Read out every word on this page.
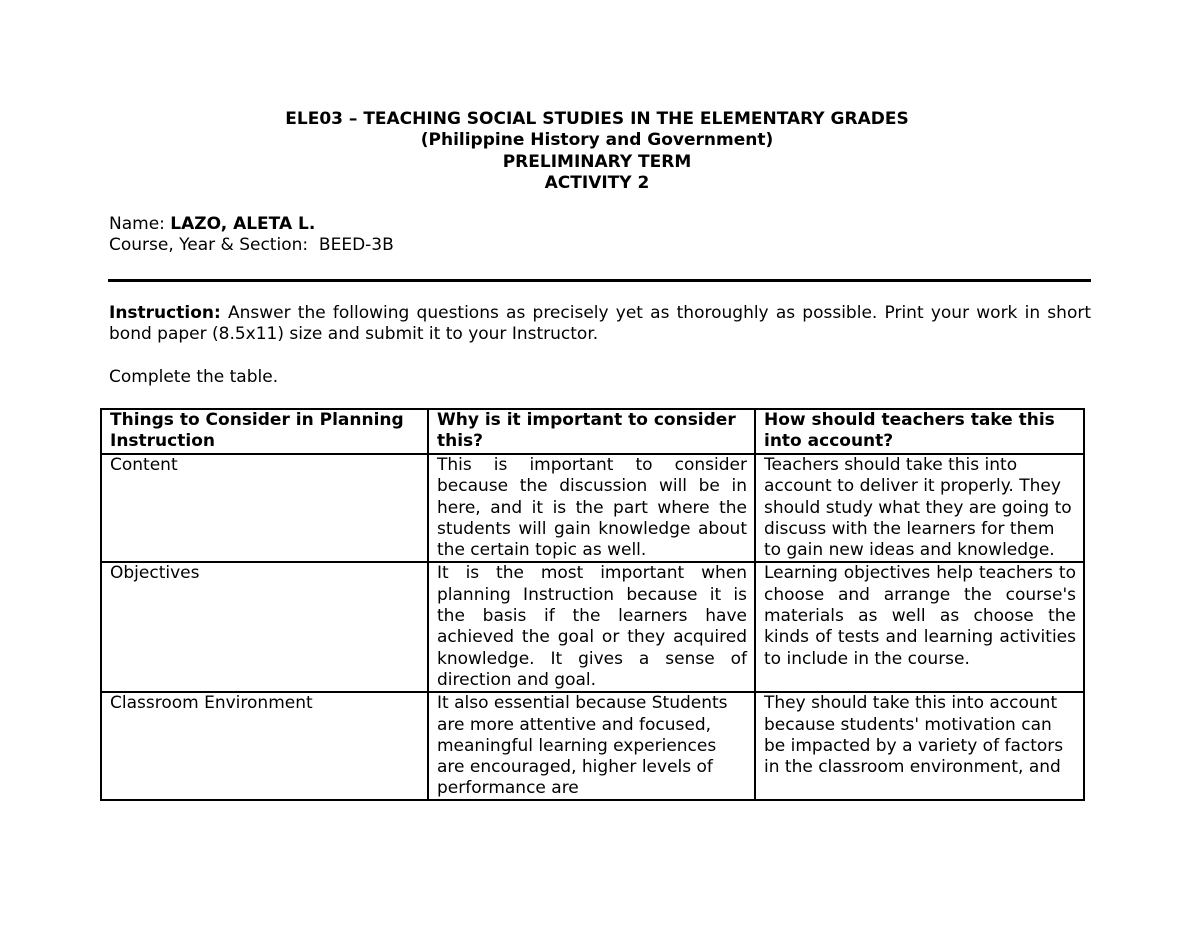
ELE03 – TEACHING SOCIAL STUDIES IN THE ELEMENTARY GRADES
(Philippine History and Government)
PRELIMINARY TERM
ACTIVITY 2
Name: LAZO, ALETA L.
Course, Year & Section:  BEED-3B
Instruction: Answer the following questions as precisely yet as thoroughly as possible. Print your work in short bond paper (8.5x11) size and submit it to your Instructor.
Complete the table.
Things to Consider in Planning Instruction	Why is it important to consider this?	How should teachers take this into account?
Content	This is important to consider because the discussion will be in here, and it is the part where the students will gain knowledge about the certain topic as well.	Teachers should take this into account to deliver it properly. They should study what they are going to discuss with the learners for them to gain new ideas and knowledge.
Objectives	It is the most important when planning Instruction because it is the basis if the learners have achieved the goal or they acquired knowledge. It gives a sense of direction and goal.	Learning objectives help teachers to choose and arrange the course's materials as well as choose the kinds of tests and learning activities to include in the course.
Classroom Environment	It also essential because Students are more attentive and focused, meaningful learning experiences are encouraged, higher levels of performance are	They should take this into account because students' motivation can be impacted by a variety of factors in the classroom environment, and
